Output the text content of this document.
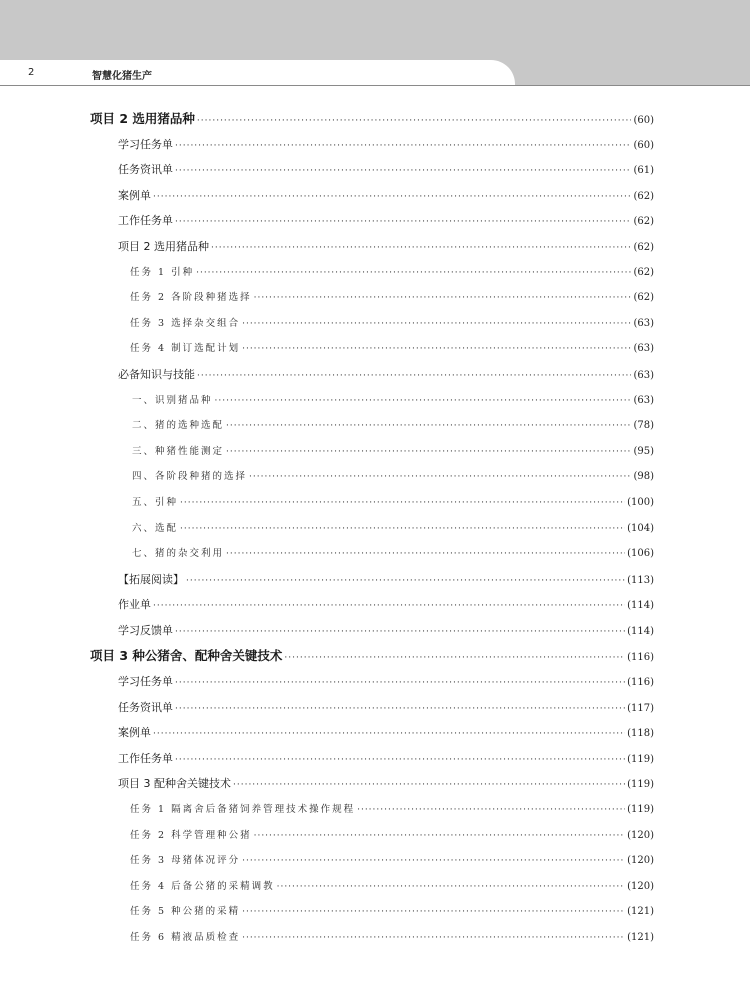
2	智慧化猪生产
项目 2 选用猪品种 ·····	(60)
学习任务单 ·····	(60)
任务资讯单 ·····	(61)
案例单 ·····	(62)
工作任务单 ·····	(62)
项目 2 选用猪品种 ·····	(62)
任务 1 引种 ·····	(62)
任务 2 各阶段种猪选择 ·····	(62)
任务 3 选择杂交组合 ·····	(63)
任务 4 制订选配计划 ·····	(63)
必备知识与技能 ·····	(63)
一、识别猪品种 ·····	(63)
二、猪的选种选配 ·····	(78)
三、种猪性能测定 ·····	(95)
四、各阶段种猪的选择 ·····	(98)
五、引种 ·····	(100)
六、选配 ·····	(104)
七、猪的杂交利用 ·····	(106)
【拓展阅读】 ·····	(113)
作业单 ·····	(114)
学习反馈单 ·····	(114)
项目 3 种公猪舍、配种舍关键技术 ·····	(116)
学习任务单 ·····	(116)
任务资讯单 ·····	(117)
案例单 ·····	(118)
工作任务单 ·····	(119)
项目 3 配种舍关键技术 ·····	(119)
任务 1 隔离舍后备猪饲养管理技术操作规程 ·····	(119)
任务 2 科学管理种公猪 ·····	(120)
任务 3 母猪体况评分 ·····	(120)
任务 4 后备公猪的采精调教 ·····	(120)
任务 5 种公猪的采精 ·····	(121)
任务 6 精液品质检查 ·····	(121)
